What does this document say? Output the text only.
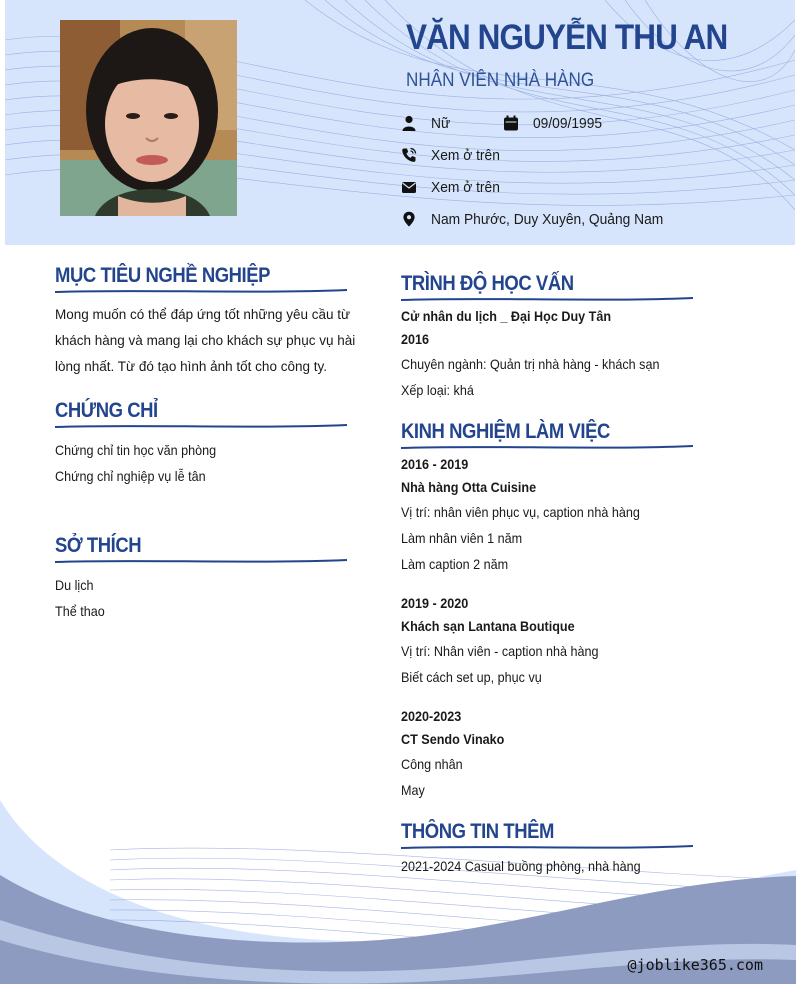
VĂN NGUYỄN THU AN
NHÂN VIÊN NHÀ HÀNG
Nữ	09/09/1995
Xem ở trên
Xem ở trên
Nam Phước, Duy Xuyên, Quảng Nam
MỤC TIÊU NGHỀ NGHIỆP
Mong muốn có thể đáp ứng tốt những yêu cầu từ khách hàng và mang lại cho khách sự phục vụ hài lòng nhất. Từ đó tạo hình ảnh tốt cho công ty.
CHỨNG CHỈ
Chứng chỉ tin học văn phòng
Chứng chỉ nghiệp vụ lễ tân
SỞ THÍCH
Du lịch
Thể thao
TRÌNH ĐỘ HỌC VẤN
Cử nhân du lịch _ Đại Học Duy Tân
2016
Chuyên ngành: Quản trị nhà hàng - khách sạn
Xếp loại: khá
KINH NGHIỆM LÀM VIỆC
2016 - 2019
Nhà hàng Otta Cuisine
Vị trí: nhân viên phục vụ, caption nhà hàng
Làm nhân viên 1 năm
Làm caption 2 năm
2019 - 2020
Khách sạn Lantana Boutique
Vị trí: Nhân viên - caption nhà hàng
Biết cách set up, phục vụ
2020-2023
CT Sendo Vinako
Công nhân
May
THÔNG TIN THÊM
2021-2024 Casual buồng phòng, nhà hàng
@joblike365.com
